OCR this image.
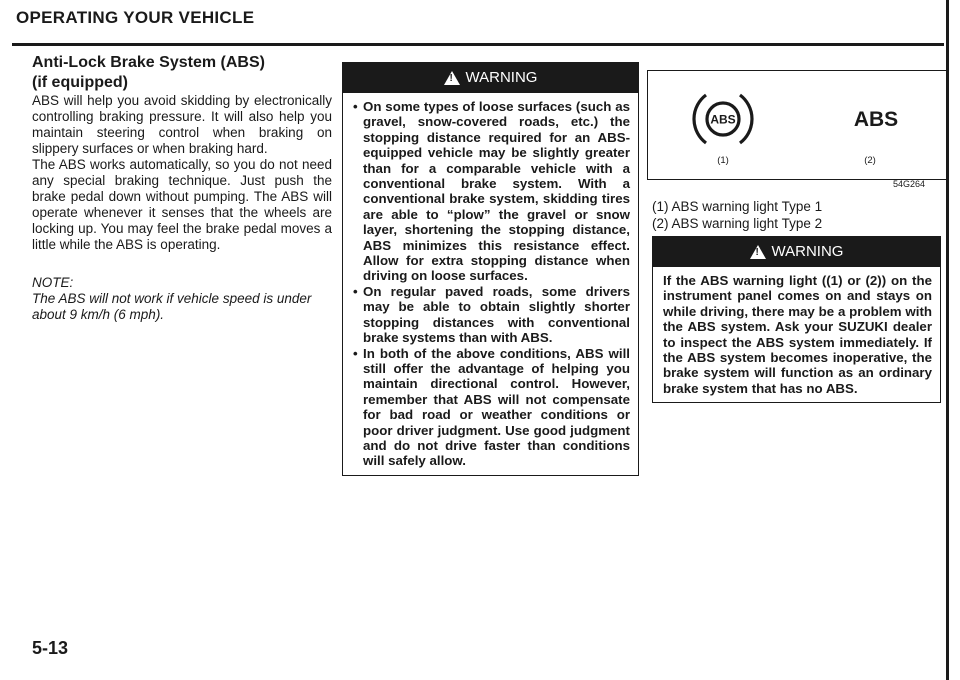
OPERATING YOUR VEHICLE

Anti-Lock Brake System (ABS)

(if equipped)

ABS will help you avoid skidding by electronically controlling braking pressure. It will also help you maintain steering control when braking on slippery surfaces or when braking hard.

The ABS works automatically, so you do not need any special braking technique. Just push the brake pedal down without pumping. The ABS will operate whenever it senses that the wheels are locking up. You may feel the brake pedal moves a little while the ABS is operating.

NOTE:

The ABS will not work if vehicle speed is under about 9 km/h (6 mph).

!
WARNING
• On some types of loose surfaces (such as gravel, snow-covered roads, etc.) the stopping distance required for an ABS-equipped vehicle may be slightly greater than for a comparable vehicle with a conventional brake system. With a conventional brake system, skidding tires are able to “plow” the gravel or snow layer, shortening the stopping distance, ABS minimizes this resistance effect. Allow for extra stopping distance when driving on loose surfaces.
• On regular paved roads, some drivers may be able to obtain slightly shorter stopping distances with conventional brake systems than with ABS.
• In both of the above conditions, ABS will still offer the advantage of helping you maintain directional control. However, remember that ABS will not compensate for bad road or weather conditions or poor driver judgment. Use good judgment and do not drive faster than conditions will safely allow.
ABS	ABS
(1)	(2)
54G264
(1) ABS warning light Type 1
(2) ABS warning light Type 2
!
WARNING

If the ABS warning light ((1) or (2)) on the instrument panel comes on and stays on while driving, there may be a problem with the ABS system. Ask your SUZUKI dealer to inspect the ABS system immediately. If the ABS system becomes inoperative, the brake system will function as an ordinary brake system that has no ABS.

5-13
